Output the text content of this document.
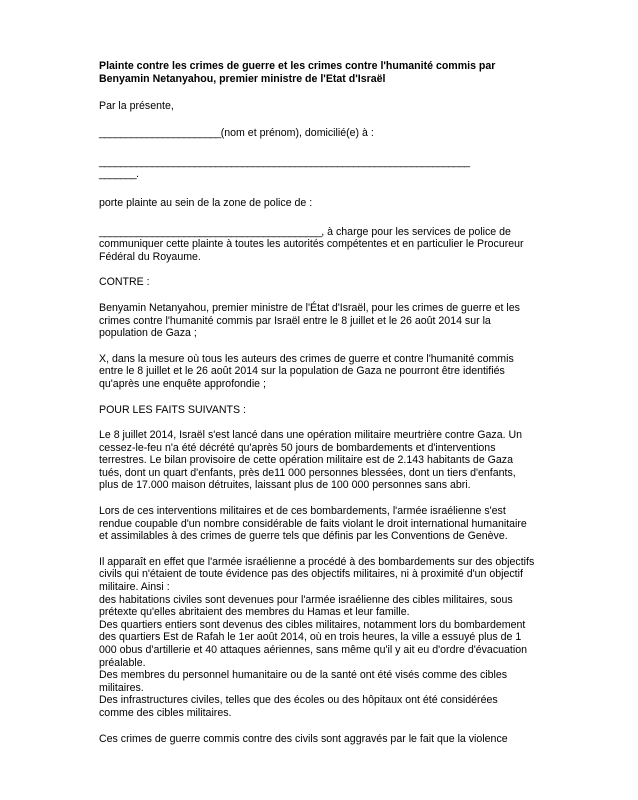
Plainte contre les crimes de guerre et les crimes contre l'humanité commis par
Benyamin Netanyahou, premier ministre de l'Etat d'Israël

Par la présente,

_______________________(nom et prénom), domicilié(e) à :

______________________________________________________________________
_______.

porte plainte au sein de la zone de police de :

__________________________________________, à charge pour les services de police de communiquer cette plainte à toutes les autorités compétentes et en particulier le Procureur Fédéral du Royaume.

CONTRE :

Benyamin Netanyahou, premier ministre de l'État d'Israël, pour les crimes de guerre et les crimes contre l'humanité commis par Israël entre le 8 juillet et le 26 août 2014 sur la population de Gaza ;

X, dans la mesure où tous les auteurs des crimes de guerre et contre l'humanité commis entre le 8 juillet et le 26 août 2014 sur la population de Gaza ne pourront être identifiés qu'après une enquête approfondie ;

POUR LES FAITS SUIVANTS :

Le 8 juillet 2014, Israël s'est lancé dans une opération militaire meurtrière contre Gaza. Un cessez-le-feu n'a été décrété qu'après 50 jours de bombardements et d'interventions terrestres. Le bilan provisoire de cette opération militaire est de 2.143 habitants de Gaza tués, dont un quart d'enfants, près de11 000 personnes blessées, dont un tiers d'enfants, plus de 17.000 maison détruites, laissant plus de 100 000 personnes sans abri.

Lors de ces interventions militaires et de ces bombardements, l'armée israélienne s'est rendue coupable d'un nombre considérable de faits violant le droit international humanitaire et assimilables à des crimes de guerre tels que définis par les Conventions de Genève.

Il apparaît en effet que l'armée israélienne a procédé à des bombardements sur des objectifs civils qui n'étaient de toute évidence pas des objectifs militaires, ni à proximité d'un objectif militaire. Ainsi :
des habitations civiles sont devenues pour l'armée israélienne des cibles militaires, sous prétexte qu'elles abritaient des membres du Hamas et leur famille.
Des quartiers entiers sont devenus des cibles militaires, notamment lors du bombardement des quartiers Est de Rafah le 1er août 2014, où en trois heures, la ville a essuyé plus de 1 000 obus d'artillerie et 40 attaques aériennes, sans même qu'il y ait eu d'ordre d'évacuation préalable.
Des membres du personnel humanitaire ou de la santé ont été visés comme des cibles militaires.
Des infrastructures civiles, telles que des écoles ou des hôpitaux ont été considérées comme des cibles militaires.

Ces crimes de guerre commis contre des civils sont aggravés par le fait que la violence
